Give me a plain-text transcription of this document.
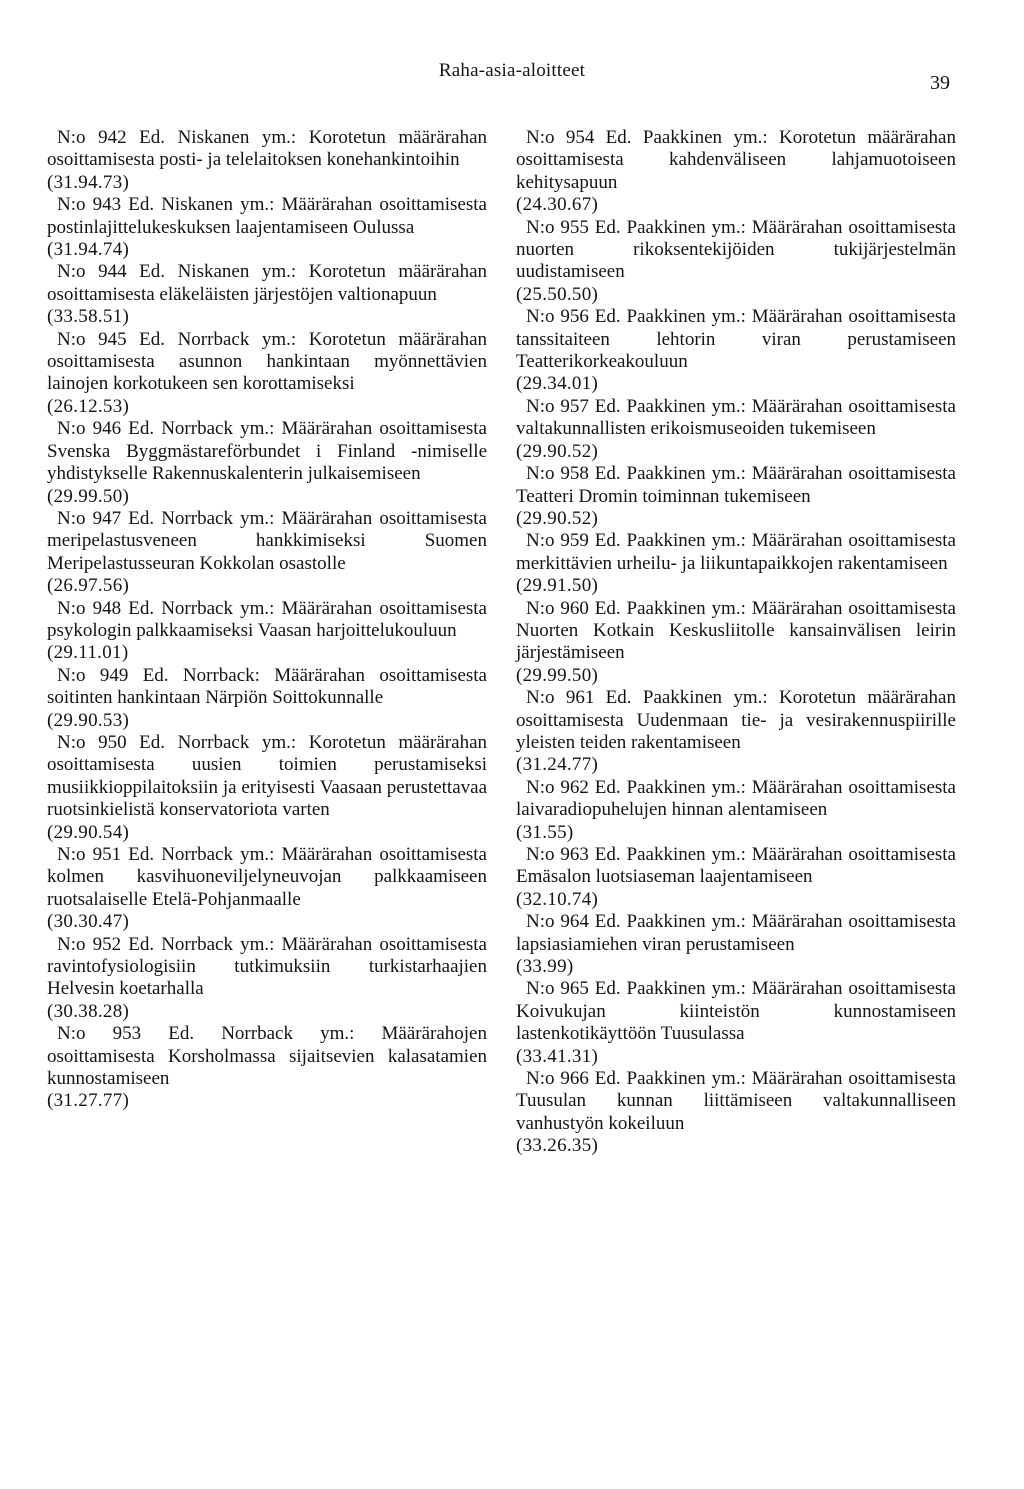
Raha-asia-aloitteet
39
N:o 942 Ed. Niskanen ym.: Korotetun määrärahan osoittamisesta posti- ja telelaitoksen konehankintoihin
(31.94.73)
N:o 943 Ed. Niskanen ym.: Määrärahan osoittamisesta postinlajittelukeskuksen laajentamiseen Oulussa
(31.94.74)
N:o 944 Ed. Niskanen ym.: Korotetun määrärahan osoittamisesta eläkeläisten järjestöjen valtionapuun
(33.58.51)
N:o 945 Ed. Norrback ym.: Korotetun määrärahan osoittamisesta asunnon hankintaan myönnettävien lainojen korkotukeen sen korottamiseksi
(26.12.53)
N:o 946 Ed. Norrback ym.: Määrärahan osoittamisesta Svenska Byggmästareförbundet i Finland -nimiselle yhdistykselle Rakennuskalenterin julkaisemiseen
(29.99.50)
N:o 947 Ed. Norrback ym.: Määrärahan osoittamisesta meripelastusveneen hankkimiseksi Suomen Meripelastusseuran Kokkolan osastolle
(26.97.56)
N:o 948 Ed. Norrback ym.: Määrärahan osoittamisesta psykologin palkkaamiseksi Vaasan harjoittelukouluun
(29.11.01)
N:o 949 Ed. Norrback: Määrärahan osoittamisesta soitinten hankintaan Närpiön Soittokunnalle
(29.90.53)
N:o 950 Ed. Norrback ym.: Korotetun määrärahan osoittamisesta uusien toimien perustamiseksi musiikkioppilaitoksiin ja erityisesti Vaasaan perustettavaa ruotsinkielistä konservatoriota varten
(29.90.54)
N:o 951 Ed. Norrback ym.: Määrärahan osoittamisesta kolmen kasvihuoneviljelyneuvojan palkkaamiseen ruotsalaiselle Etelä-Pohjanmaalle
(30.30.47)
N:o 952 Ed. Norrback ym.: Määrärahan osoittamisesta ravintofysiologisiin tutkimuksiin turkistarhaajien Helvesin koetarhalla
(30.38.28)
N:o 953 Ed. Norrback ym.: Määrärahojen osoittamisesta Korsholmassa sijaitsevien kalasatamien kunnostamiseen
(31.27.77)
N:o 954 Ed. Paakkinen ym.: Korotetun määrärahan osoittamisesta kahdenväliseen lahjamuotoiseen kehitysapuun
(24.30.67)
N:o 955 Ed. Paakkinen ym.: Määrärahan osoittamisesta nuorten rikoksentekijöiden tukijärjestelmän uudistamiseen
(25.50.50)
N:o 956 Ed. Paakkinen ym.: Määrärahan osoittamisesta tanssitaiteen lehtorin viran perustamiseen Teatterikorkeakouluun
(29.34.01)
N:o 957 Ed. Paakkinen ym.: Määrärahan osoittamisesta valtakunnallisten erikoismuseoiden tukemiseen
(29.90.52)
N:o 958 Ed. Paakkinen ym.: Määrärahan osoittamisesta Teatteri Dromin toiminnan tukemiseen
(29.90.52)
N:o 959 Ed. Paakkinen ym.: Määrärahan osoittamisesta merkittävien urheilu- ja liikuntapaikkojen rakentamiseen
(29.91.50)
N:o 960 Ed. Paakkinen ym.: Määrärahan osoittamisesta Nuorten Kotkain Keskusliitolle kansainvälisen leirin järjestämiseen
(29.99.50)
N:o 961 Ed. Paakkinen ym.: Korotetun määrärahan osoittamisesta Uudenmaan tie- ja vesirakennuspiirille yleisten teiden rakentamiseen
(31.24.77)
N:o 962 Ed. Paakkinen ym.: Määrärahan osoittamisesta laivaradiopuhelujen hinnan alentamiseen
(31.55)
N:o 963 Ed. Paakkinen ym.: Määrärahan osoittamisesta Emäsalon luotsiaseman laajentamiseen
(32.10.74)
N:o 964 Ed. Paakkinen ym.: Määrärahan osoittamisesta lapsiasiamiehen viran perustamiseen
(33.99)
N:o 965 Ed. Paakkinen ym.: Määrärahan osoittamisesta Koivukujan kiinteistön kunnostamiseen lastenkotikäyttöön Tuusulassa
(33.41.31)
N:o 966 Ed. Paakkinen ym.: Määrärahan osoittamisesta Tuusulan kunnan liittämiseen valtakunnalliseen vanhustyön kokeiluun
(33.26.35)
